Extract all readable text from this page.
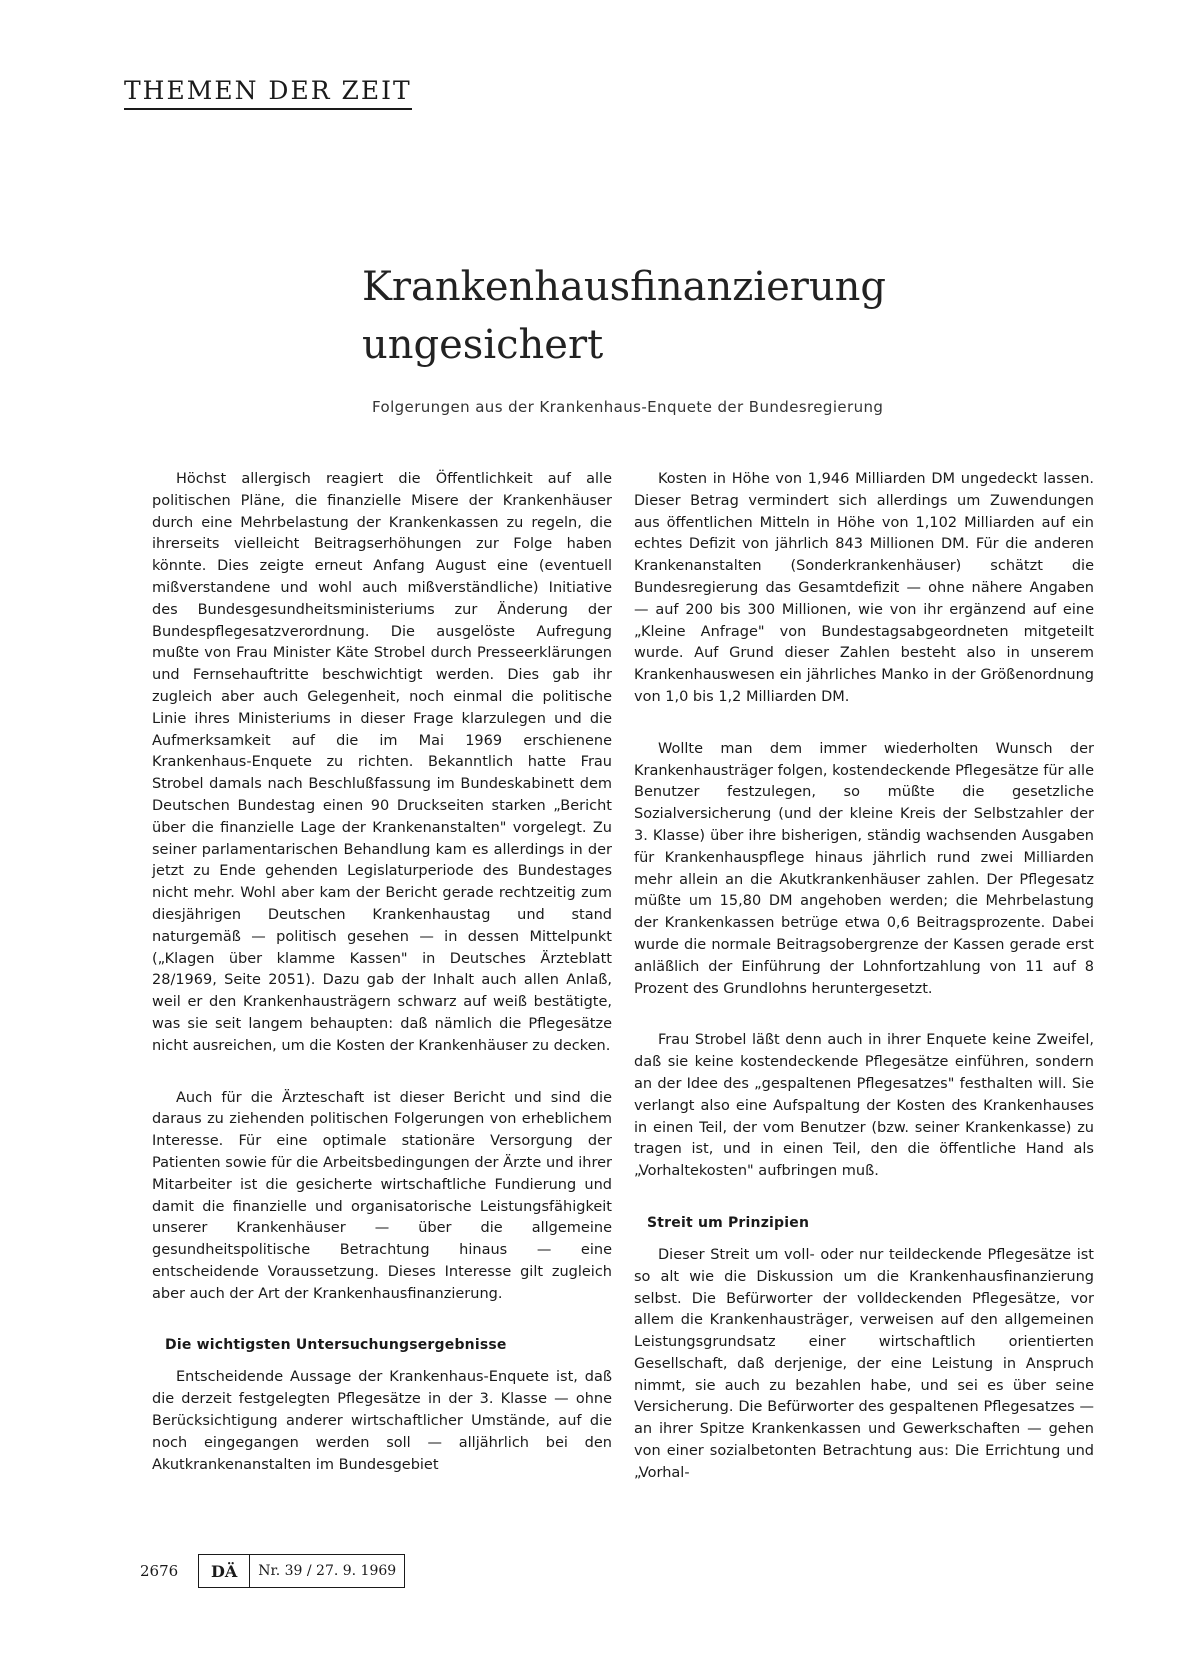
THEMEN DER ZEIT
Krankenhausfinanzierung
ungesichert
Folgerungen aus der Krankenhaus-Enquete der Bundesregierung

Höchst allergisch reagiert die Öffentlichkeit auf alle politischen Pläne, die finanzielle Misere der Krankenhäuser durch eine Mehrbelastung der Krankenkassen zu regeln, die ihrerseits vielleicht Beitragserhöhungen zur Folge haben könnte. Dies zeigte erneut Anfang August eine (eventuell mißverstandene und wohl auch mißverständliche) Initiative des Bundesgesundheitsministeriums zur Änderung der Bundespflegesatzverordnung. Die ausgelöste Aufregung mußte von Frau Minister Käte Strobel durch Presseerklärungen und Fernsehauftritte beschwichtigt werden. Dies gab ihr zugleich aber auch Gelegenheit, noch einmal die politische Linie ihres Ministeriums in dieser Frage klarzulegen und die Aufmerksamkeit auf die im Mai 1969 erschienene Krankenhaus-Enquete zu richten. Bekanntlich hatte Frau Strobel damals nach Beschlußfassung im Bundeskabinett dem Deutschen Bundestag einen 90 Druckseiten starken „Bericht über die finanzielle Lage der Krankenanstalten" vorgelegt. Zu seiner parlamentarischen Behandlung kam es allerdings in der jetzt zu Ende gehenden Legislaturperiode des Bundestages nicht mehr. Wohl aber kam der Bericht gerade rechtzeitig zum diesjährigen Deutschen Krankenhaustag und stand naturgemäß — politisch gesehen — in dessen Mittelpunkt („Klagen über klamme Kassen" in Deutsches Ärzteblatt 28/1969, Seite 2051). Dazu gab der Inhalt auch allen Anlaß, weil er den Krankenhausträgern schwarz auf weiß bestätigte, was sie seit langem behaupten: daß nämlich die Pflegesätze nicht ausreichen, um die Kosten der Krankenhäuser zu decken.

Auch für die Ärzteschaft ist dieser Bericht und sind die daraus zu ziehenden politischen Folgerungen von erheblichem Interesse. Für eine optimale stationäre Versorgung der Patienten sowie für die Arbeitsbedingungen der Ärzte und ihrer Mitarbeiter ist die gesicherte wirtschaftliche Fundierung und damit die finanzielle und organisatorische Leistungsfähigkeit unserer Krankenhäuser — über die allgemeine gesundheitspolitische Betrachtung hinaus — eine entscheidende Voraussetzung. Dieses Interesse gilt zugleich aber auch der Art der Krankenhausfinanzierung.

Die wichtigsten Untersuchungsergebnisse

Entscheidende Aussage der Krankenhaus-Enquete ist, daß die derzeit festgelegten Pflegesätze in der 3. Klasse — ohne Berücksichtigung anderer wirtschaftlicher Umstände, auf die noch eingegangen werden soll — alljährlich bei den Akutkrankenanstalten im Bundesgebiet

Kosten in Höhe von 1,946 Milliarden DM ungedeckt lassen. Dieser Betrag vermindert sich allerdings um Zuwendungen aus öffentlichen Mitteln in Höhe von 1,102 Milliarden auf ein echtes Defizit von jährlich 843 Millionen DM. Für die anderen Krankenanstalten (Sonderkrankenhäuser) schätzt die Bundesregierung das Gesamtdefizit — ohne nähere Angaben — auf 200 bis 300 Millionen, wie von ihr ergänzend auf eine „Kleine Anfrage" von Bundestagsabgeordneten mitgeteilt wurde. Auf Grund dieser Zahlen besteht also in unserem Krankenhauswesen ein jährliches Manko in der Größenordnung von 1,0 bis 1,2 Milliarden DM.

Wollte man dem immer wiederholten Wunsch der Krankenhausträger folgen, kostendeckende Pflegesätze für alle Benutzer festzulegen, so müßte die gesetzliche Sozialversicherung (und der kleine Kreis der Selbstzahler der 3. Klasse) über ihre bisherigen, ständig wachsenden Ausgaben für Krankenhauspflege hinaus jährlich rund zwei Milliarden mehr allein an die Akutkrankenhäuser zahlen. Der Pflegesatz müßte um 15,80 DM angehoben werden; die Mehrbelastung der Krankenkassen betrüge etwa 0,6 Beitragsprozente. Dabei wurde die normale Beitragsobergrenze der Kassen gerade erst anläßlich der Einführung der Lohnfortzahlung von 11 auf 8 Prozent des Grundlohns heruntergesetzt.

Frau Strobel läßt denn auch in ihrer Enquete keine Zweifel, daß sie keine kostendeckende Pflegesätze einführen, sondern an der Idee des „gespaltenen Pflegesatzes" festhalten will. Sie verlangt also eine Aufspaltung der Kosten des Krankenhauses in einen Teil, der vom Benutzer (bzw. seiner Krankenkasse) zu tragen ist, und in einen Teil, den die öffentliche Hand als „Vorhaltekosten" aufbringen muß.

Streit um Prinzipien

Dieser Streit um voll- oder nur teildeckende Pflegesätze ist so alt wie die Diskussion um die Krankenhausfinanzierung selbst. Die Befürworter der volldeckenden Pflegesätze, vor allem die Krankenhausträger, verweisen auf den allgemeinen Leistungsgrundsatz einer wirtschaftlich orientierten Gesellschaft, daß derjenige, der eine Leistung in Anspruch nimmt, sie auch zu bezahlen habe, und sei es über seine Versicherung. Die Befürworter des gespaltenen Pflegesatzes — an ihrer Spitze Krankenkassen und Gewerkschaften — gehen von einer sozialbetonten Betrachtung aus: Die Errichtung und „Vorhal-

2676	DÄ	Nr. 39 / 27. 9. 1969
